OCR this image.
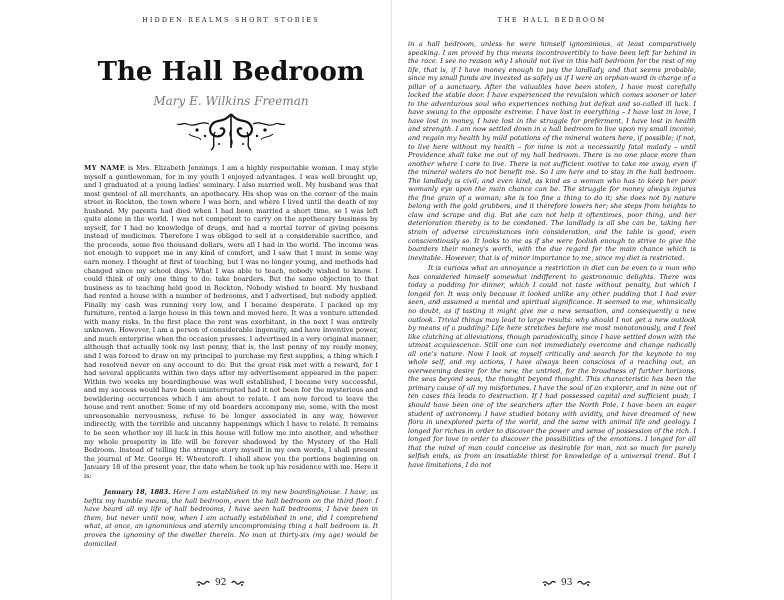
HIDDEN REALMS SHORT STORIES
The Hall Bedroom
Mary E. Wilkins Freeman

MY NAME is Mrs. Elizabeth Jennings. I am a highly respectable woman. I may style myself a gentlewoman, for in my youth I enjoyed advantages. I was well brought up, and I graduated at a young ladies' seminary. I also married well. My husband was that most genteel of all merchants, an apothecary. His shop was on the corner of the main street in Rockton, the town where I was born, and where I lived until the death of my husband. My parents had died when I had been married a short time, so I was left quite alone in the world. I was not competent to carry on the apothecary business by myself, for I had no knowledge of drugs, and had a mortal terror of giving poisons instead of medicines. Therefore I was obliged to sell at a considerable sacrifice, and the proceeds, some five thousand dollars, were all I had in the world. The income was not enough to support me in any kind of comfort, and I saw that I must in some way earn money. I thought at first of teaching, but I was no longer young, and methods had changed since my school days. What I was able to teach, nobody wished to know. I could think of only one thing to do: take boarders. But the same objection to that business as to teaching held good in Rockton. Nobody wished to board. My husband had rented a house with a number of bedrooms, and I advertised, but nobody applied. Finally my cash was running very low, and I became desperate. I packed up my furniture, rented a large house in this town and moved here. It was a venture attended with many risks. In the first place the rent was exorbitant, in the next I was entirely unknown. However, I am a person of considerable ingenuity, and have inventive power, and much enterprise when the occasion presses. I advertised in a very original manner, although that actually took my last penny, that is, the last penny of my ready money, and I was forced to draw on my principal to purchase my first supplies, a thing which I had resolved never on any account to do. But the great risk met with a reward, for I had several applicants within two days after my advertisement appeared in the paper. Within two weeks my boardinghouse was well established, I became very successful, and my success would have been uninterrupted had it not been for the mysterious and bewildering occurrences which I am about to relate. I am now forced to leave the house and rent another. Some of my old boarders accompany me, some, with the most unreasonable nervousness, refuse to be longer associated in any way, however indirectly, with the terrible and uncanny happenings which I have to relate. It remains to be seen whether my ill luck in this house will follow me into another, and whether my whole prosperity in life will be forever shadowed by the Mystery of the Hall Bedroom. Instead of telling the strange story myself in my own words, I shall present the journal of Mr. George H. Wheatcroft. I shall show you the portions beginning on January 18 of the present year, the date when he took up his residence with me. Here it is:

January 18, 1883. Here I am established in my new boardinghouse. I have, as befits my humble means, the hall bedroom, even the hall bedroom on the third floor. I have heard all my life of hall bedrooms, I have seen hall bedrooms, I have been in them, but never until now, when I am actually established in one, did I comprehend what, at once, an ignominious and sternly uncompromising thing a hall bedroom is. It proves the ignominy of the dweller therein. No man at thirty-six (my age) would be domiciled

92
THE HALL BEDROOM

in a hall bedroom, unless he were himself ignominious, at least comparatively speaking. I am proved by this means incontrovertibly to have been left far behind in the race. I see no reason why I should not live in this hall bedroom for the rest of my life, that is, if I have money enough to pay the landlady, and that seems probable, since my small funds are invested as safely as if I were an orphan-ward in charge of a pillar of a sanctuary. After the valuables have been stolen, I have most carefully locked the stable door. I have experienced the revulsion which comes sooner or later to the adventurous soul who experiences nothing but defeat and so-called ill luck. I have swung to the opposite extreme. I have lost in everything – I have lost in love, I have lost in money, I have lost in the struggle for preferment, I have lost in health and strength. I am now settled down in a hall bedroom to live upon my small income, and regain my health by mild potations of the mineral waters here, if possible; if not, to live here without my health – for mine is not a necessarily fatal malady – until Providence shall take me out of my hall bedroom. There is no one place more than another where I care to live. There is not sufficient motive to take me away, even if the mineral waters do not benefit me. So I am here and to stay in the hall bedroom. The landlady is civil, and even kind, as kind as a woman who has to keep her poor womanly eye upon the main chance can be. The struggle for money always injures the fine grain of a woman; she is too fine a thing to do it; she does not by nature belong with the gold grubbers, and it therefore lowers her; she steps from heights to claw and scrape and dig. But she can not help it oftentimes, poor thing, and her deterioration thereby is to be condoned. The landlady is all she can be, taking her strain of adverse circumstances into consideration, and the table is good, even conscientiously so. It looks to me as if she were foolish enough to strive to give the boarders their money's worth, with the due regard for the main chance which is inevitable. However, that is of minor importance to me, since my diet is restricted.

It is curious what an annoyance a restriction in diet can be even to a man who has considered himself somewhat indifferent to gastronomic delights. There was today a pudding for dinner, which I could not taste without penalty, but which I longed for. It was only because it looked unlike any other pudding that I had ever seen, and assumed a mental and spiritual significance. It seemed to me, whimsically no doubt, as if tasting it might give me a new sensation, and consequently a new outlook. Trivial things may lead to large results: why should I not get a new outlook by means of a pudding? Life here stretches before me most monotonously, and I feel like clutching at alleviations, though paradoxically, since I have settled down with the utmost acquiescence. Still one can not immediately overcome and change radically all one's nature. Now I look at myself critically and search for the keynote to my whole self, and my actions, I have always been conscious of a reaching out, an overweening desire for the new, the untried, for the broadness of further horizons, the seas beyond seas, the thought beyond thought. This characteristic has been the primary cause of all my misfortunes. I have the soul of an explorer, and in nine out of ten cases this leads to destruction. If I had possessed capital and sufficient push, I should have been one of the searchers after the North Pole. I have been an eager student of astronomy. I have studied botany with avidity, and have dreamed of new flora in unexplored parts of the world, and the same with animal life and geology. I longed for riches in order to discover the power and sense of possession of the rich. I longed for love in order to discover the possibilities of the emotions. I longed for all that the mind of man could conceive as desirable for man, not so much for purely selfish ends, as from an insatiable thirst for knowledge of a universal trend. But I have limitations, I do not

93
